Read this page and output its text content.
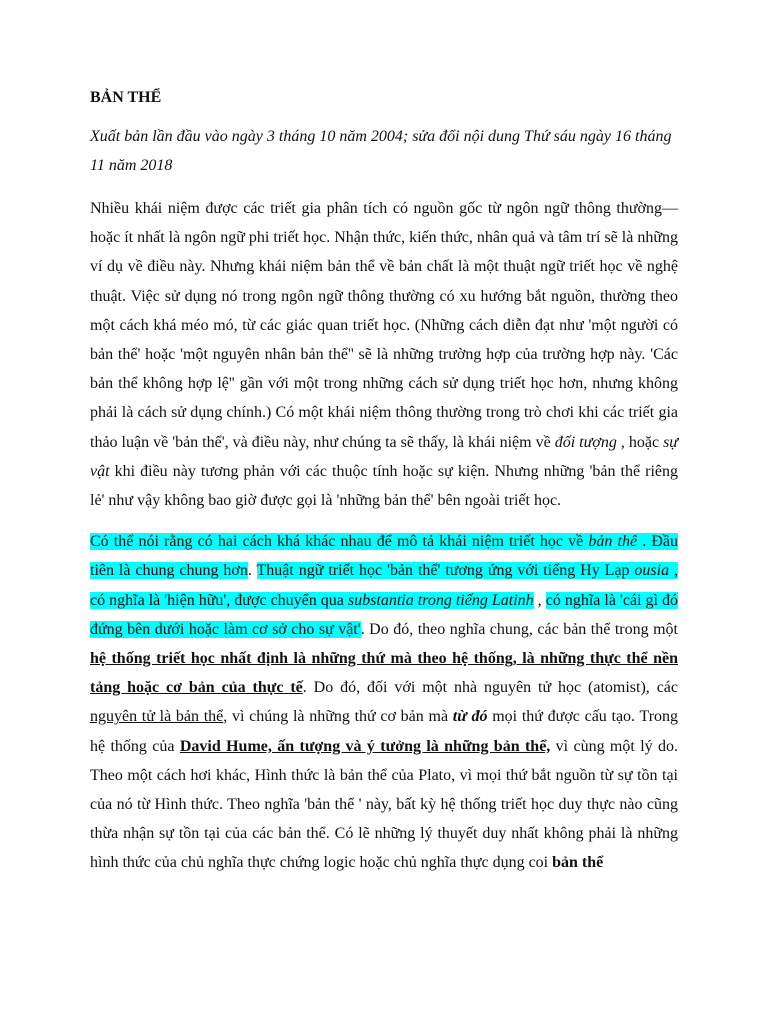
BẢN THỂ
Xuất bản lần đầu vào ngày 3 tháng 10 năm 2004; sửa đổi nội dung Thứ sáu ngày 16 tháng 11 năm 2018

Nhiều khái niệm được các triết gia phân tích có nguồn gốc từ ngôn ngữ thông thường—hoặc ít nhất là ngôn ngữ phi triết học. Nhận thức, kiến thức, nhân quả và tâm trí sẽ là những ví dụ về điều này. Nhưng khái niệm bản thể về bản chất là một thuật ngữ triết học về nghệ thuật. Việc sử dụng nó trong ngôn ngữ thông thường có xu hướng bắt nguồn, thường theo một cách khá méo mó, từ các giác quan triết học. (Những cách diễn đạt như 'một người có bản thể' hoặc 'một nguyên nhân bản thể'' sẽ là những trường hợp của trường hợp này. 'Các bản thể không hợp lệ'' gần với một trong những cách sử dụng triết học hơn, nhưng không phải là cách sử dụng chính.) Có một khái niệm thông thường trong trò chơi khi các triết gia thảo luận về 'bản thể', và điều này, như chúng ta sẽ thấy, là khái niệm về đối tượng , hoặc sự vật khi điều này tương phản với các thuộc tính hoặc sự kiện. Nhưng những 'bản thể riêng lẻ' như vậy không bao giờ được gọi là 'những bản thể' bên ngoài triết học.

Có thể nói rằng có hai cách khá khác nhau để mô tả khái niệm triết học về bản thể . Đầu tiên là chung chung hơn. Thuật ngữ triết học 'bản thể' tương ứng với tiếng Hy Lạp ousia , có nghĩa là 'hiện hữu', được chuyển qua substantia trong tiếng Latinh , có nghĩa là 'cái gì đó đứng bên dưới hoặc làm cơ sở cho sự vật'. Do đó, theo nghĩa chung, các bản thể trong một hệ thống triết học nhất định là những thứ mà theo hệ thống, là những thực thể nền tảng hoặc cơ bản của thực tế. Do đó, đối với một nhà nguyên tử học (atomist), các nguyên tử là bản thể, vì chúng là những thứ cơ bản mà từ đó mọi thứ được cấu tạo. Trong hệ thống của David Hume, ấn tượng và ý tưởng là những bản thể, vì cùng một lý do. Theo một cách hơi khác, Hình thức là bản thể của Plato, vì mọi thứ bắt nguồn từ sự tồn tại của nó từ Hình thức. Theo nghĩa 'bản thể ' này, bất kỳ hệ thống triết học duy thực nào cũng thừa nhận sự tồn tại của các bản thể. Có lẽ những lý thuyết duy nhất không phải là những hình thức của chủ nghĩa thực chứng logic hoặc chủ nghĩa thực dụng coi bản thể
